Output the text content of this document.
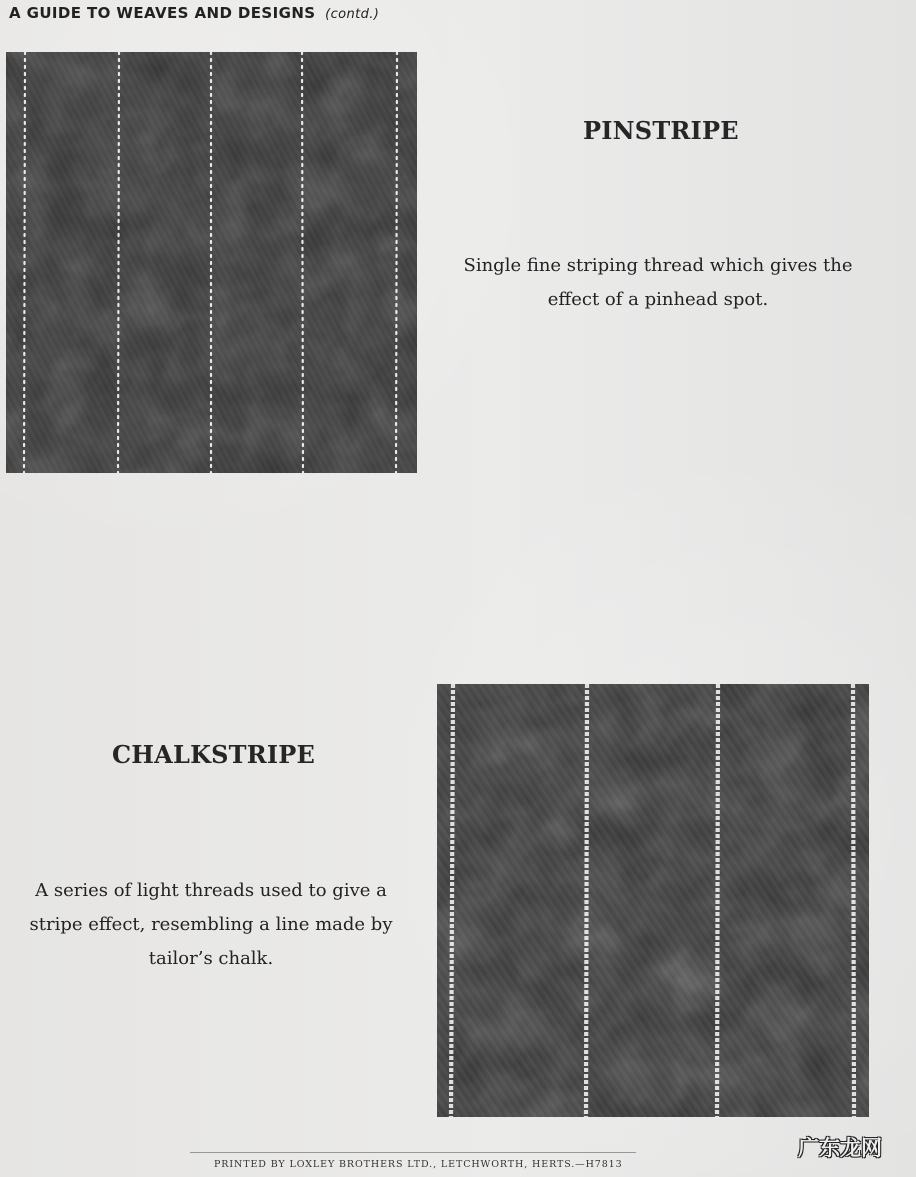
A GUIDE TO WEAVES AND DESIGNS (contd.)
PINSTRIPE
Single fine striping thread which gives the
effect of a pinhead spot.
CHALKSTRIPE
A series of light threads used to give a
stripe effect, resembling a line made by
tailor’s chalk.
PRINTED BY LOXLEY BROTHERS LTD., LETCHWORTH, HERTS.—H7813
广东龙网
